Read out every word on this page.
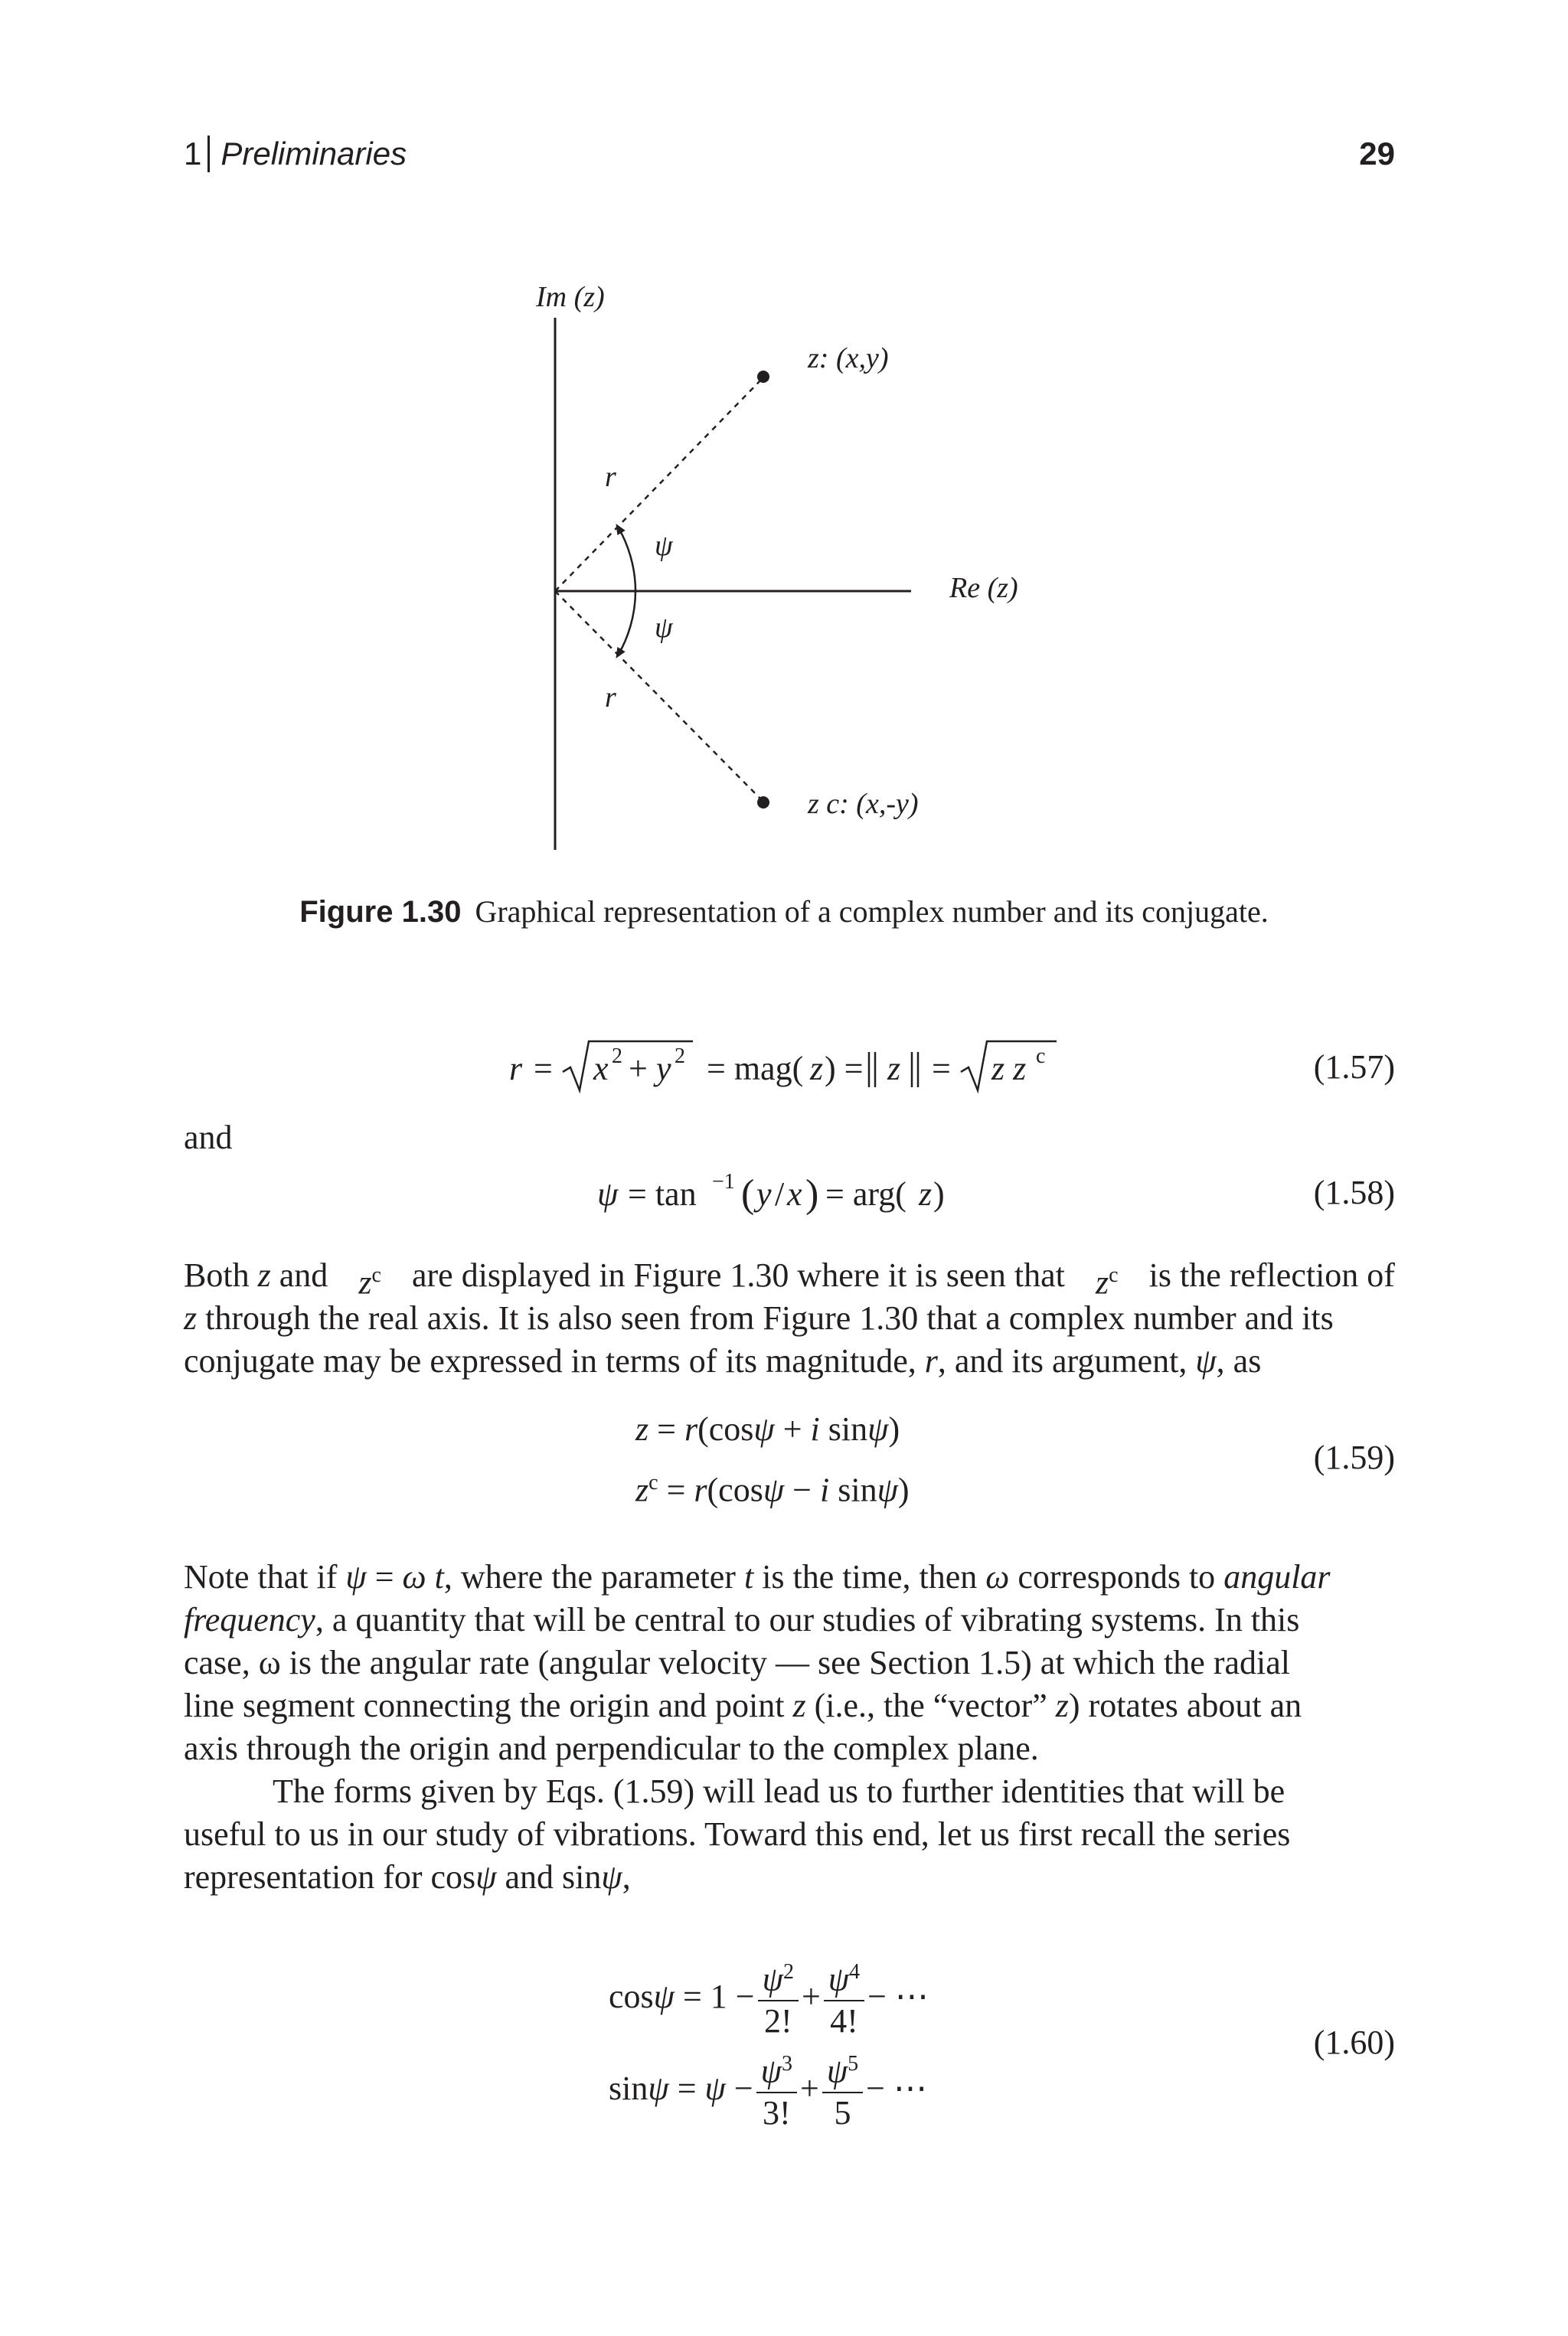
1 Preliminaries	29
Im (z)
Re (z)
z: (x,y)
z c: (x,-y)
r
r
ψ
ψ
Figure 1.30 Graphical representation of a complex number and its conjugate.
r = x 2 + y 2 = mag( z ) = z = z z c	(1.57)
and
ψ = tan −1 ( y / x ) = arg( z )	(1.58)
Both z and $z^c$ are displayed in Figure 1.30 where it is seen that $z^c$ is the reflection of
z through the real axis. It is also seen from Figure 1.30 that a complex number and its
conjugate may be expressed in terms of its magnitude, r, and its argument, ψ, as
z = r(cosψ + i sinψ)
$z^c = r(\cos\psi - i$ sinψ)
(1.59)
Note that if ψ = ω t, where the parameter t is the time, then ω corresponds to angular
frequency, a quantity that will be central to our studies of vibrating systems. In this
case, ω is the angular rate (angular velocity — see Section 1.5) at which the radial
line segment connecting the origin and point z (i.e., the “vector” z) rotates about an
axis through the origin and perpendicular to the complex plane.
The forms given by Eqs. (1.59) will lead us to further identities that will be
useful to us in our study of vibrations. Toward this end, let us first recall the series
representation for cosψ and sinψ,
$\cos \psi = 1 - \frac{\psi^2}{2!} + \frac{\psi^4}{4!}$ − ⋯
$\sin \psi = \psi - \frac{\psi^3}{3!} + \frac{\psi^5}{5}$ − ⋯
(1.60)
